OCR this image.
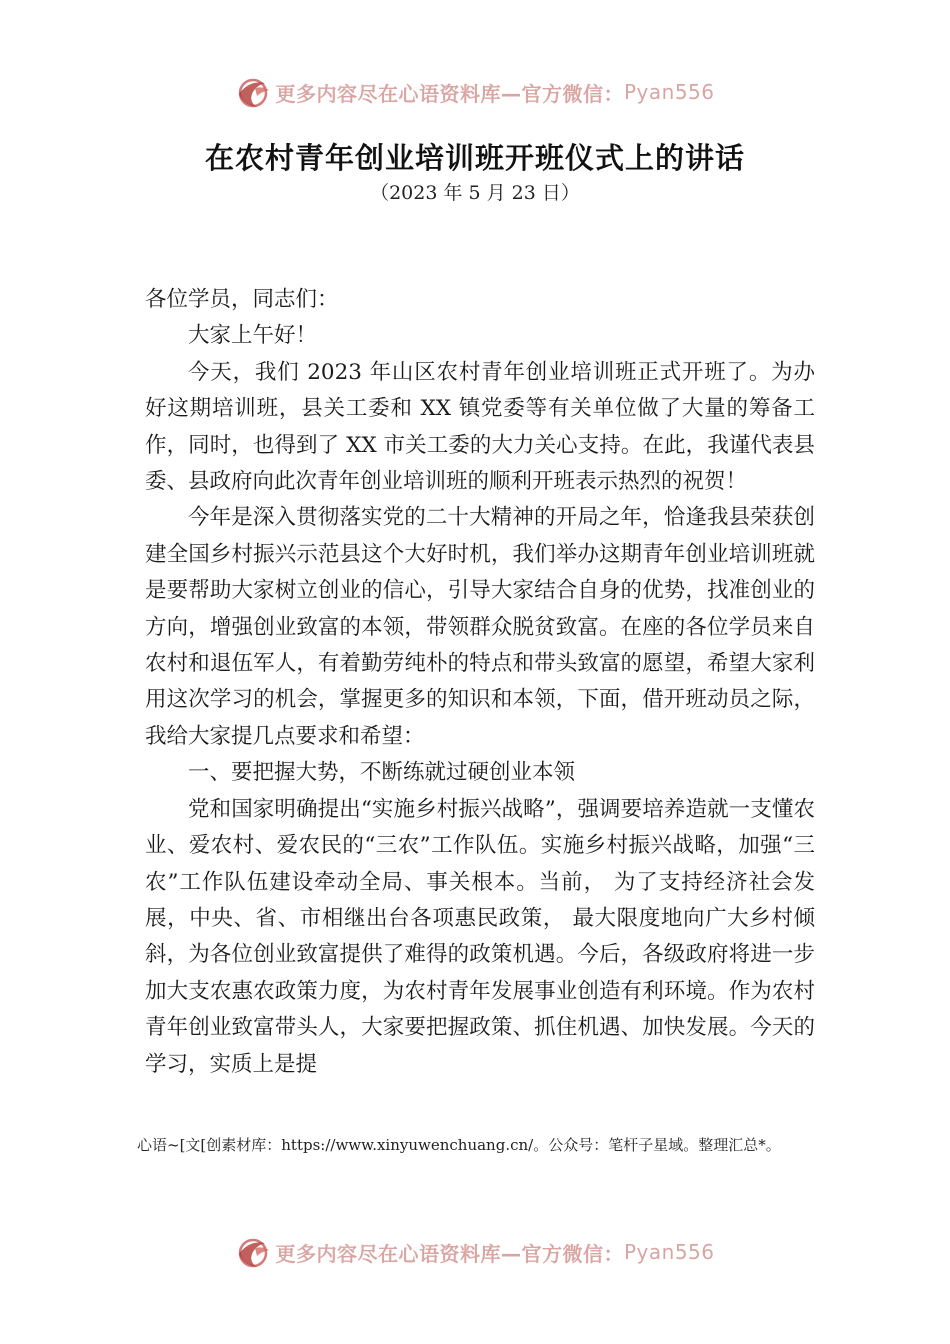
更多内容尽在心语资料库—官方微信： Pyan556
在农村青年创业培训班开班仪式上的讲话
（2023 年 5 月 23 日）

各位学员，同志们：

大家上午好！

今天，我们 2023 年山区农村青年创业培训班正式开班了。为办好这期培训班，县关工委和 XX 镇党委等有关单位做了大量的筹备工作，同时，也得到了 XX 市关工委的大力关心支持。在此，我谨代表县委、县政府向此次青年创业培训班的顺利开班表示热烈的祝贺！

今年是深入贯彻落实党的二十大精神的开局之年，恰逢我县荣获创建全国乡村振兴示范县这个大好时机，我们举办这期青年创业培训班就是要帮助大家树立创业的信心，引导大家结合自身的优势，找准创业的方向，增强创业致富的本领，带领群众脱贫致富。在座的各位学员来自农村和退伍军人，有着勤劳纯朴的特点和带头致富的愿望，希望大家利用这次学习的机会，掌握更多的知识和本领，下面，借开班动员之际，我给大家提几点要求和希望：

一、要把握大势，不断练就过硬创业本领

党和国家明确提出“实施乡村振兴战略”，强调要培养造就一支懂农业、爱农村、爱农民的“三农”工作队伍。实施乡村振兴战略，加强“三农”工作队伍建设牵动全局、事关根本。当前， 为了支持经济社会发展，中央、省、市相继出台各项惠民政策， 最大限度地向广大乡村倾斜，为各位创业致富提供了难得的政策机遇。今后，各级政府将进一步加大支农惠农政策力度，为农村青年发展事业创造有利环境。作为农村青年创业致富带头人，大家要把握政策、抓住机遇、加快发展。今天的学习，实质上是提

心语~[文[创素材库：https://www.xinyuwenchuang.cn/。公众号：笔杆子星域。整理汇总*。

更多内容尽在心语资料库—官方微信： Pyan556
